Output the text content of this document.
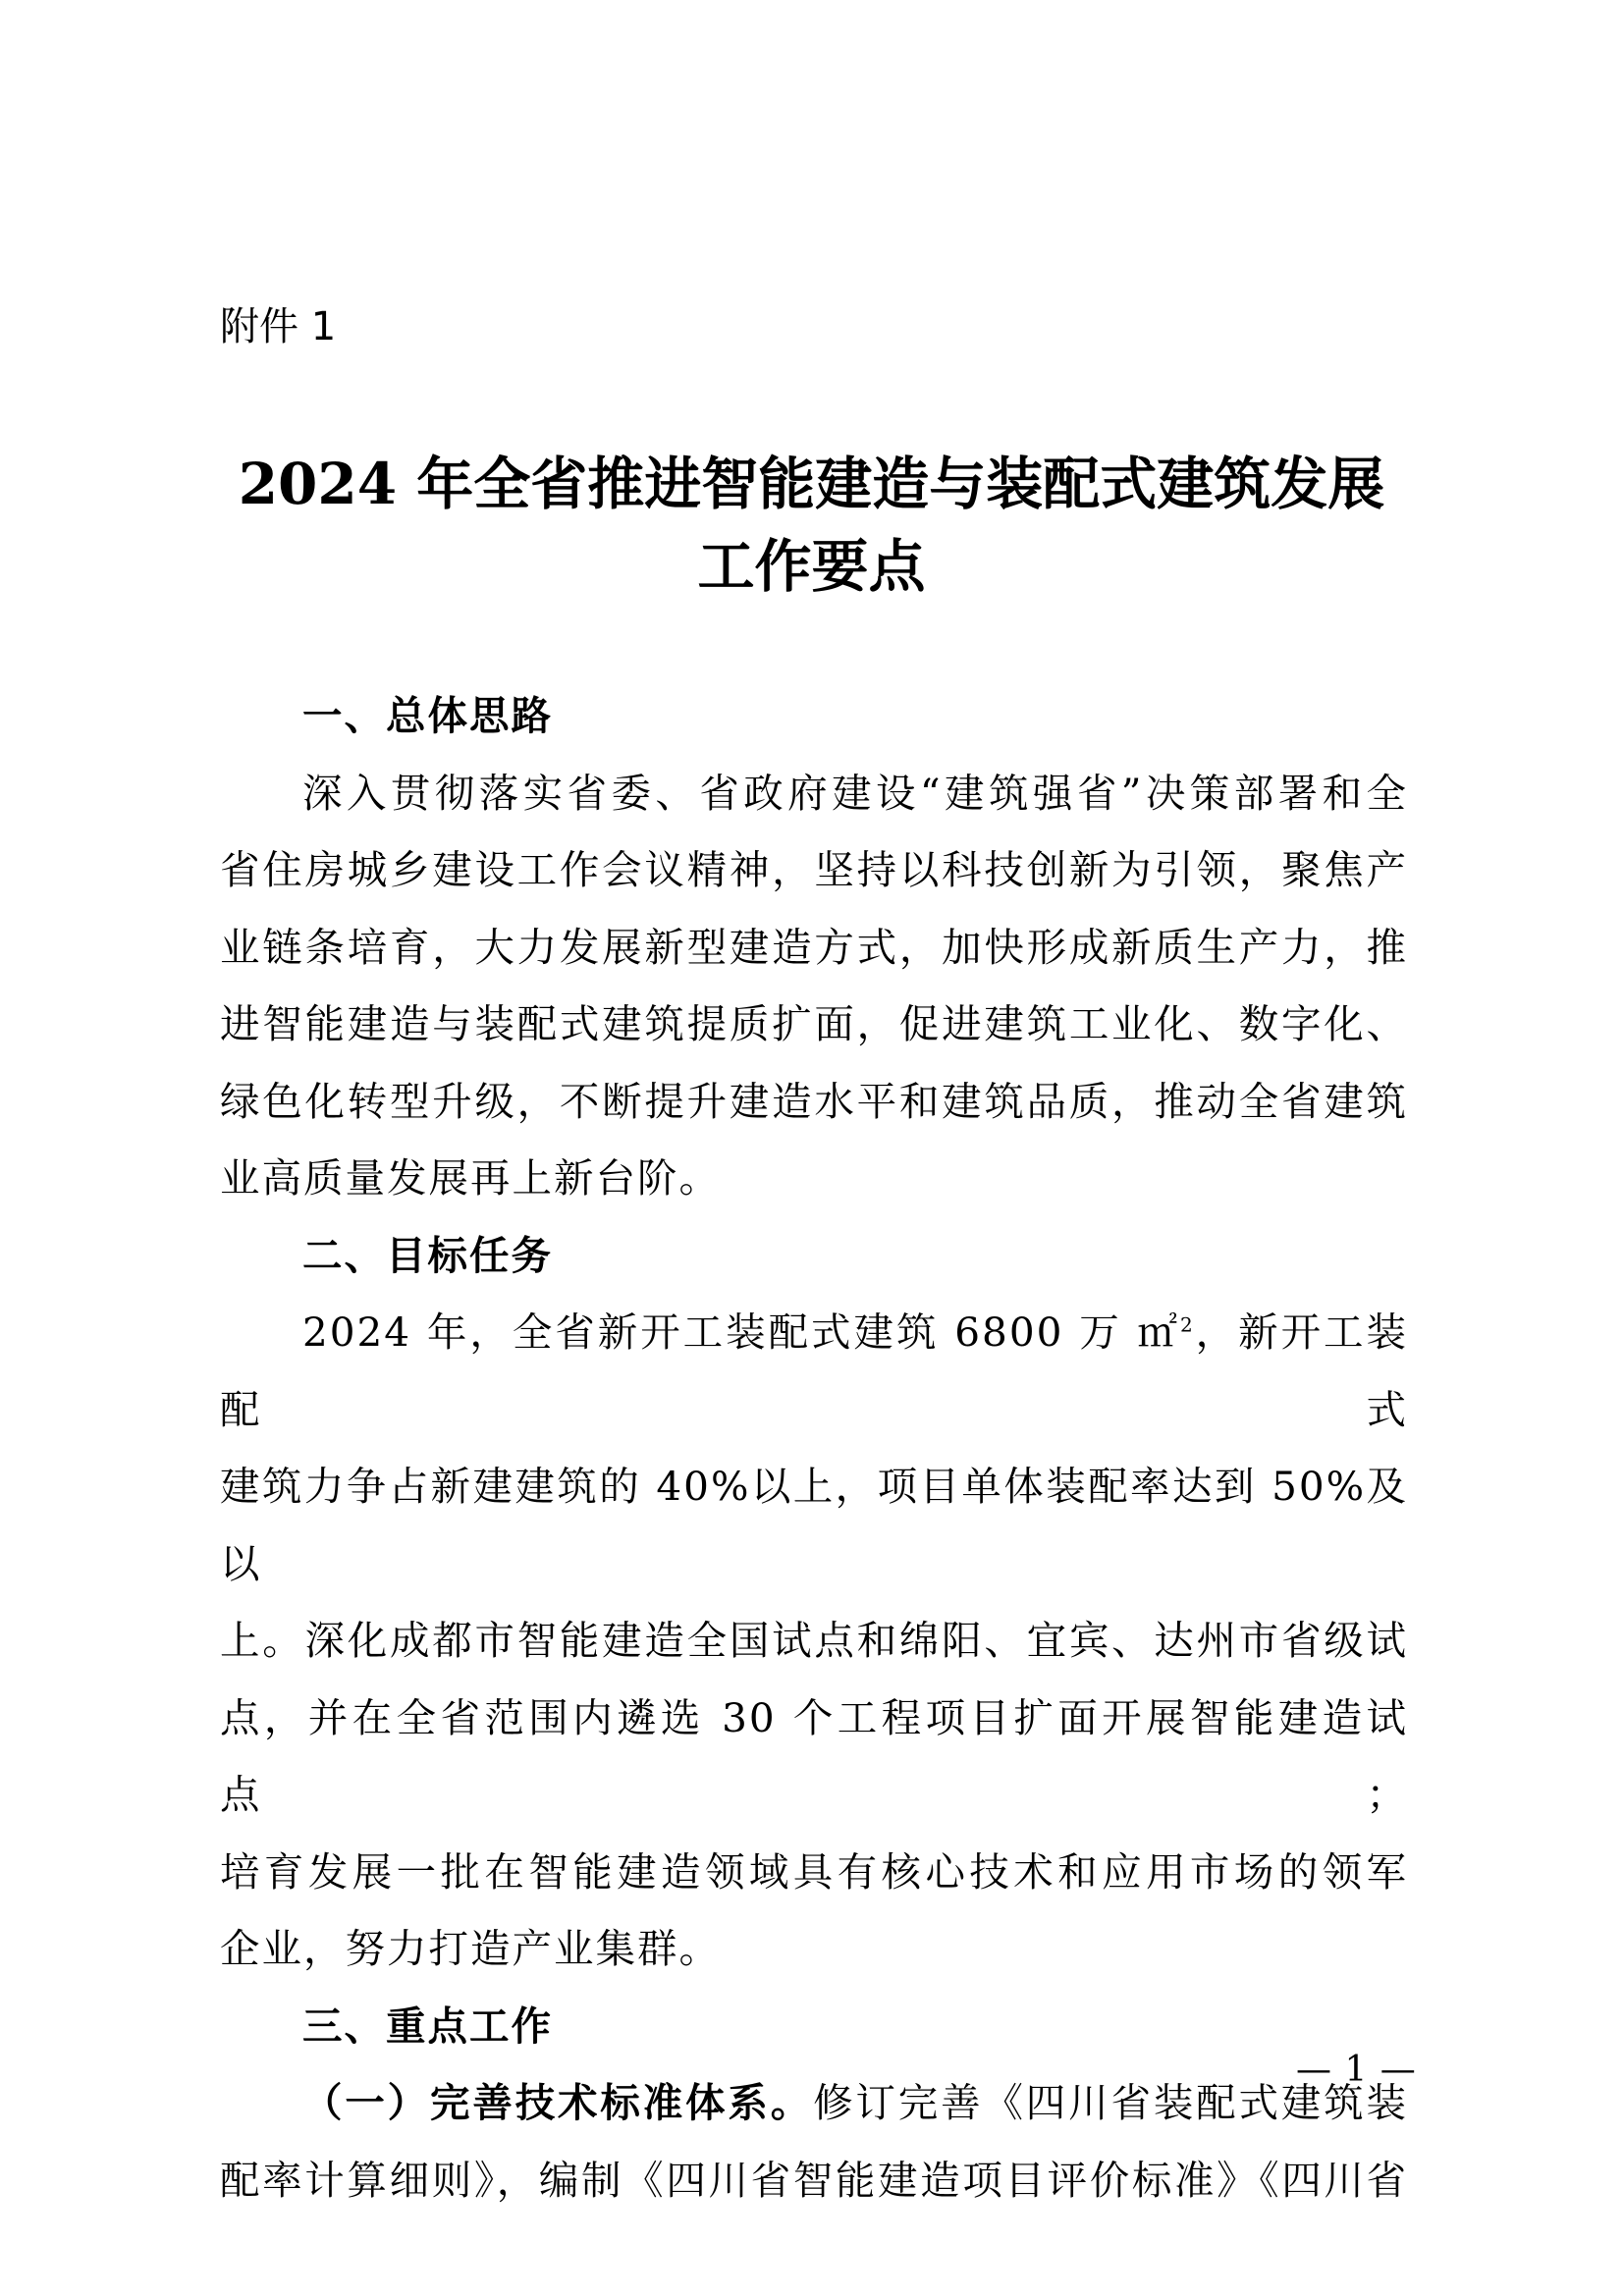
附件 1
2024 年全省推进智能建造与装配式建筑发展
工作要点

一、总体思路

深入贯彻落实省委、省政府建设“建筑强省”决策部署和全

省住房城乡建设工作会议精神，坚持以科技创新为引领，聚焦产

业链条培育，大力发展新型建造方式，加快形成新质生产力，推

进智能建造与装配式建筑提质扩面，促进建筑工业化、数字化、

绿色化转型升级，不断提升建造水平和建筑品质，推动全省建筑

业高质量发展再上新台阶。

二、目标任务

2024 年，全省新开工装配式建筑 6800 万 ㎡$^2$，新开工装配式

建筑力争占新建建筑的 40%以上，项目单体装配率达到 50%及以

上。深化成都市智能建造全国试点和绵阳、宜宾、达州市省级试

点，并在全省范围内遴选 30 个工程项目扩面开展智能建造试点；

培育发展一批在智能建造领域具有核心技术和应用市场的领军

企业，努力打造产业集群。

三、重点工作

（一）完善技术标准体系。修订完善《四川省装配式建筑装

配率计算细则》，编制《四川省智能建造项目评价标准》《四川省

— 1 —
